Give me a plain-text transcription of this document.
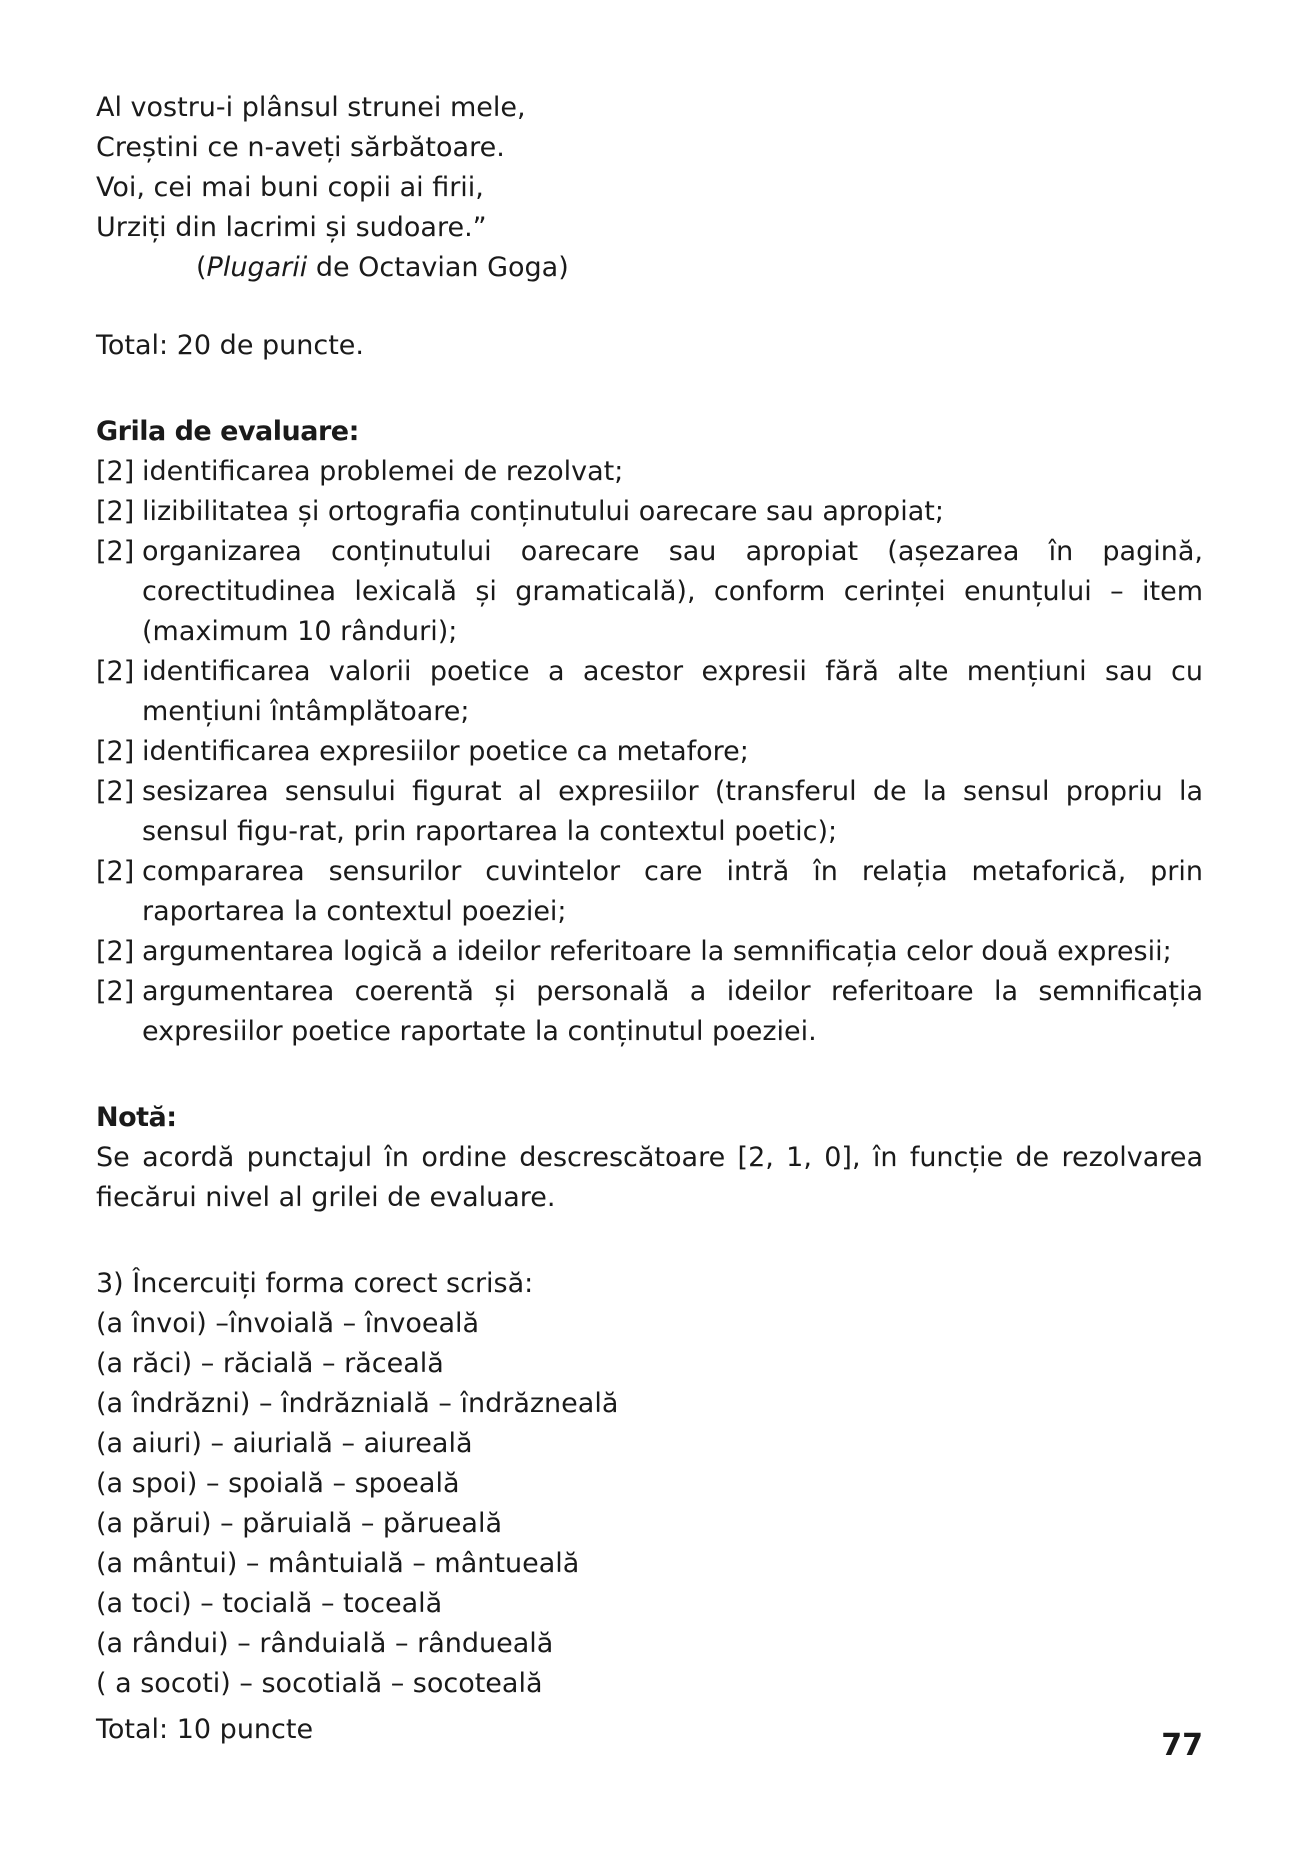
Al vostru-i plânsul strunei mele,
Creștini ce n-aveți sărbătoare.
Voi, cei mai buni copii ai firii,
Urziți din lacrimi și sudoare.”
(Plugarii de Octavian Goga)
Total: 20 de puncte.
Grila de evaluare:
[2] identificarea problemei de rezolvat;
[2] lizibilitatea și ortografia conținutului oarecare sau apropiat;
[2] organizarea conținutului oarecare sau apropiat (așezarea în pagină, corectitudinea lexicală și gramaticală), conform cerinței enunțului – item (maximum 10 rânduri);
[2] identificarea valorii poetice a acestor expresii fără alte mențiuni sau cu mențiuni întâmplătoare;
[2] identificarea expresiilor poetice ca metafore;
[2] sesizarea sensului figurat al expresiilor (transferul de la sensul propriu la sensul figu-rat, prin raportarea la contextul poetic);
[2] compararea sensurilor cuvintelor care intră în relația metaforică, prin raportarea la contextul poeziei;
[2] argumentarea logică a ideilor referitoare la semnificația celor două expresii;
[2] argumentarea coerentă și personală a ideilor referitoare la semnificația expresiilor poetice raportate la conținutul poeziei.
Notă:
Se acordă punctajul în ordine descrescătoare [2, 1, 0], în funcție de rezolvarea fiecărui nivel al grilei de evaluare.
3) Încercuiți forma corect scrisă:
(a învoi) –învoială – învoeală
(a răci) – răcială – răceală
(a îndrăzni) – îndrăznială – îndrăzneală
(a aiuri) – aiurială – aiureală
(a spoi) – spoială – spoeală
(a părui) – păruială – părueală
(a mântui) – mântuială – mântueală
(a toci) – tocială – toceală
(a rândui) – rânduială – rândueală
( a socoti) – socotială – socoteală
Total: 10 puncte	77
